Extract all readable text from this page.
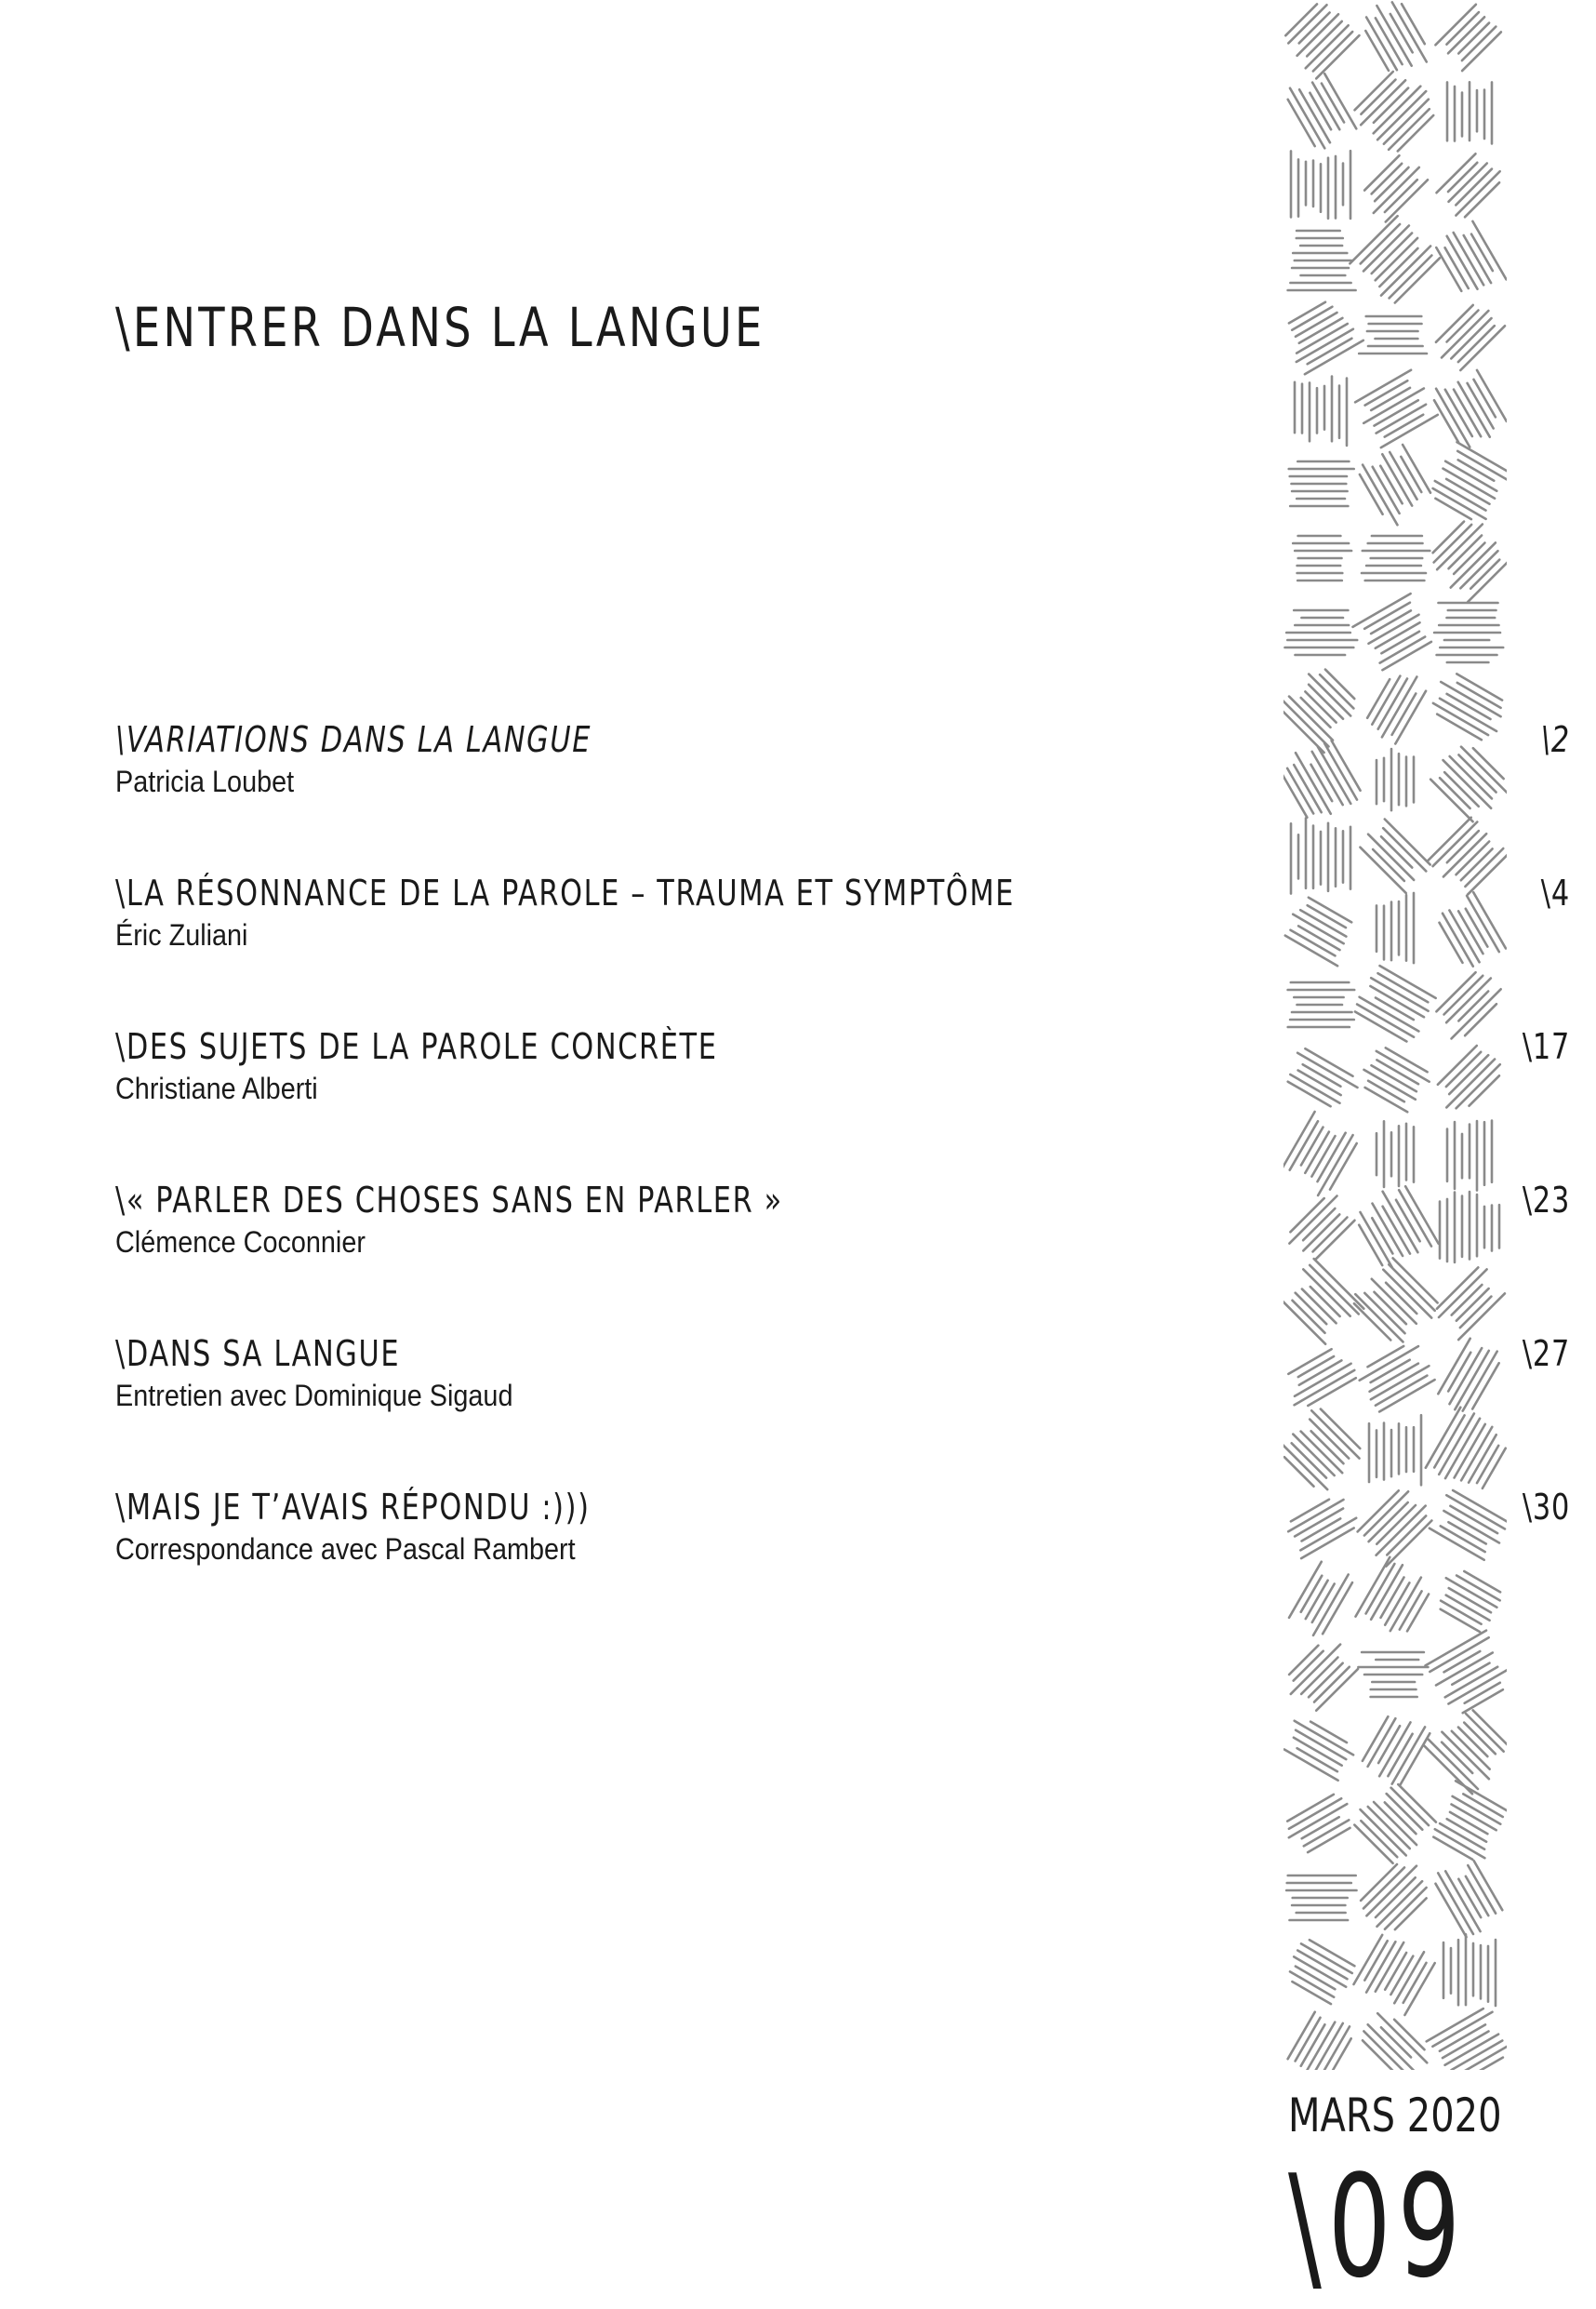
\ENTRER DANS LA LANGUE
\VARIATIONS DANS LA LANGUE
Patricia Loubet
\2
\LA RÉSONNANCE DE LA PAROLE – TRAUMA ET SYMPTÔME
Éric Zuliani
\4
\DES SUJETS DE LA PAROLE CONCRÈTE
Christiane Alberti
\17
\« PARLER DES CHOSES SANS EN PARLER »
Clémence Coconnier
\23
\DANS SA LANGUE
Entretien avec Dominique Sigaud
\27
\MAIS JE T’AVAIS RÉPONDU :)))
Correspondance avec Pascal Rambert
\30
MARS 2020
\09
